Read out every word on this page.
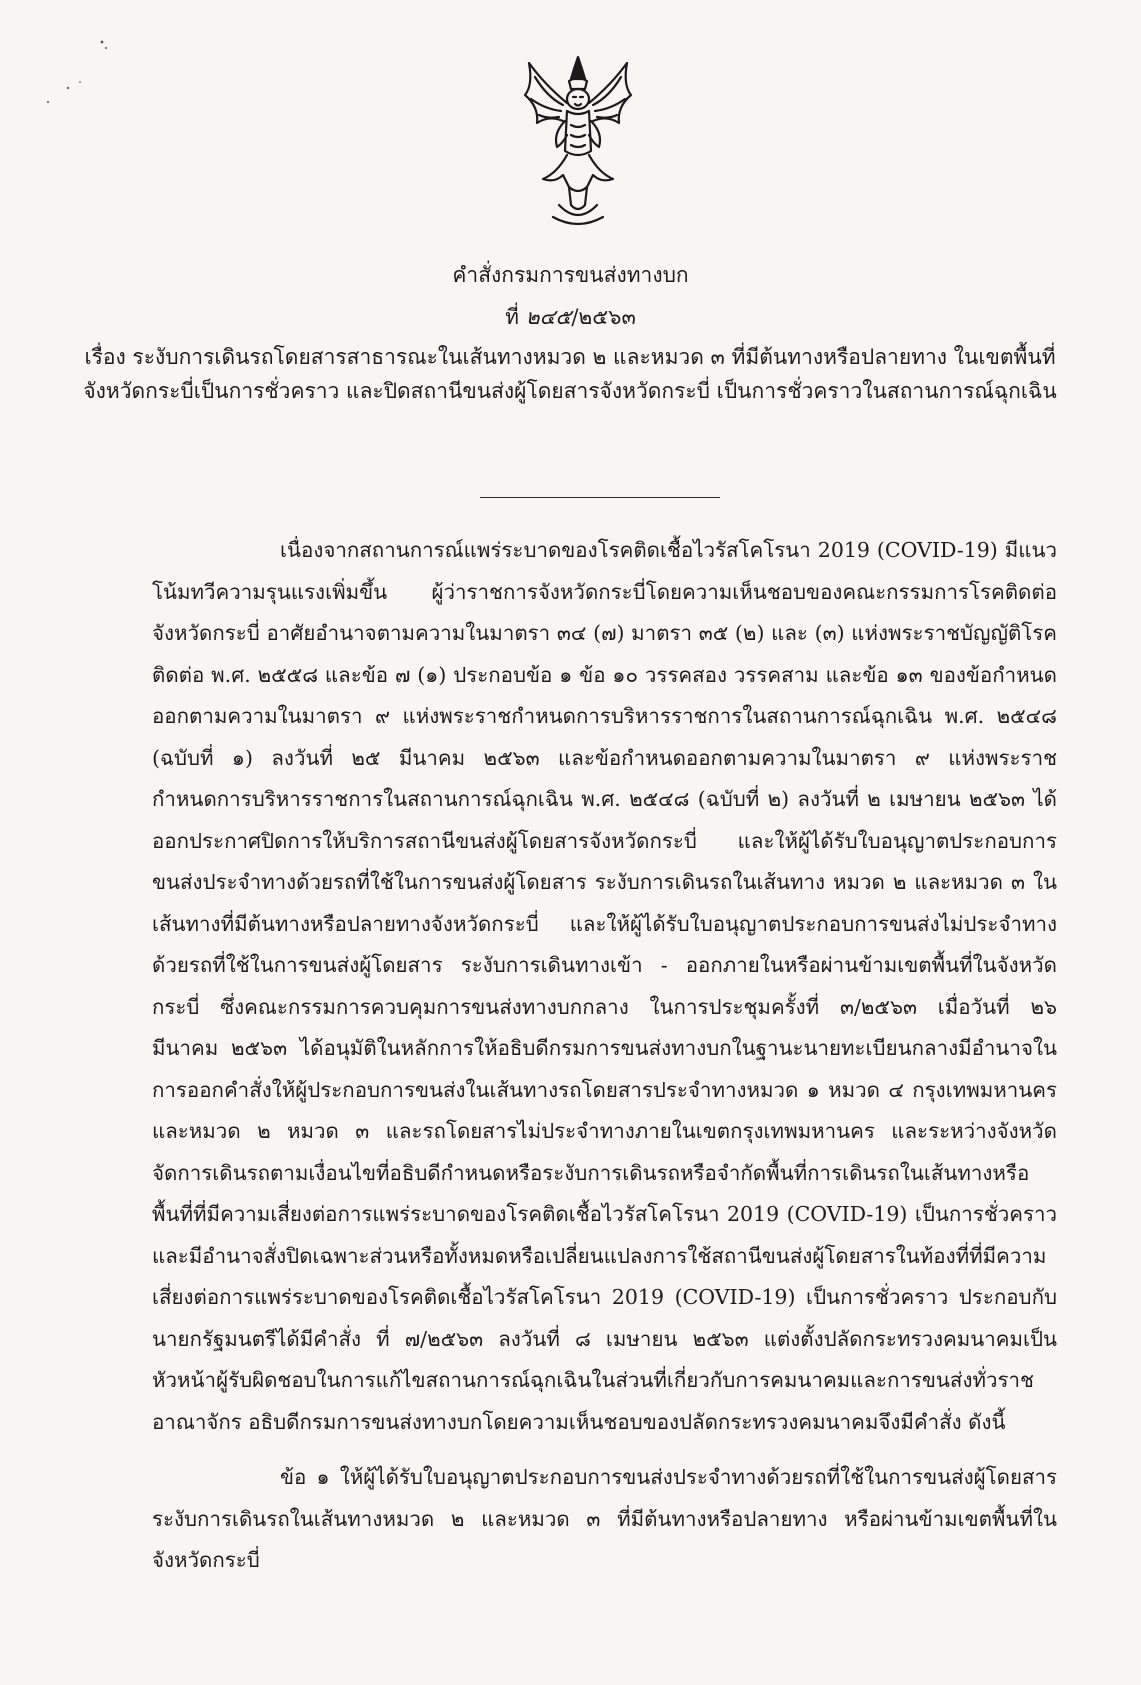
คำสั่งกรมการขนส่งทางบก
ที่ ๒๔๕/๒๕๖๓
เรื่อง ระงับการเดินรถโดยสารสาธารณะในเส้นทางหมวด ๒ และหมวด ๓ ที่มีต้นทางหรือปลายทาง ในเขตพื้นที่จังหวัดกระบี่เป็นการชั่วคราว และปิดสถานีขนส่งผู้โดยสารจังหวัดกระบี่ เป็นการชั่วคราวในสถานการณ์ฉุกเฉิน

เนื่องจากสถานการณ์แพร่ระบาดของโรคติดเชื้อไวรัสโคโรนา 2019 (COVID-19) มีแนวโน้มทวีความรุนแรงเพิ่มขึ้น ผู้ว่าราชการจังหวัดกระบี่โดยความเห็นชอบของคณะกรรมการโรคติดต่อจังหวัดกระบี่ อาศัยอำนาจตามความในมาตรา ๓๔ (๗) มาตรา ๓๕ (๒) และ (๓) แห่งพระราชบัญญัติโรคติดต่อ พ.ศ. ๒๕๕๘ และข้อ ๗ (๑) ประกอบข้อ ๑ ข้อ ๑๐ วรรคสอง วรรคสาม และข้อ ๑๓ ของข้อกำหนดออกตามความในมาตรา ๙ แห่งพระราชกำหนดการบริหารราชการในสถานการณ์ฉุกเฉิน พ.ศ. ๒๕๔๘ (ฉบับที่ ๑) ลงวันที่ ๒๕ มีนาคม ๒๕๖๓ และข้อกำหนดออกตามความในมาตรา ๙ แห่งพระราชกำหนดการบริหารราชการในสถานการณ์ฉุกเฉิน พ.ศ. ๒๕๔๘ (ฉบับที่ ๒) ลงวันที่ ๒ เมษายน ๒๕๖๓ ได้ออกประกาศปิดการให้บริการสถานีขนส่งผู้โดยสารจังหวัดกระบี่ และให้ผู้ได้รับใบอนุญาตประกอบการขนส่งประจำทางด้วยรถที่ใช้ในการขนส่งผู้โดยสาร ระงับการเดินรถในเส้นทาง หมวด ๒ และหมวด ๓ ในเส้นทางที่มีต้นทางหรือปลายทางจังหวัดกระบี่ และให้ผู้ได้รับใบอนุญาตประกอบการขนส่งไม่ประจำทางด้วยรถที่ใช้ในการขนส่งผู้โดยสาร ระงับการเดินทางเข้า - ออกภายในหรือผ่านข้ามเขตพื้นที่ในจังหวัดกระบี่ ซึ่งคณะกรรมการควบคุมการขนส่งทางบกกลาง ในการประชุมครั้งที่ ๓/๒๕๖๓ เมื่อวันที่ ๒๖ มีนาคม ๒๕๖๓ ได้อนุมัติในหลักการให้อธิบดีกรมการขนส่งทางบกในฐานะนายทะเบียนกลางมีอำนาจในการออกคำสั่งให้ผู้ประกอบการขนส่งในเส้นทางรถโดยสารประจำทางหมวด ๑ หมวด ๔ กรุงเทพมหานคร และหมวด ๒ หมวด ๓ และรถโดยสารไม่ประจำทางภายในเขตกรุงเทพมหานคร และระหว่างจังหวัด จัดการเดินรถตามเงื่อนไขที่อธิบดีกำหนดหรือระงับการเดินรถหรือจำกัดพื้นที่การเดินรถในเส้นทางหรือพื้นที่ที่มีความเสี่ยงต่อการแพร่ระบาดของโรคติดเชื้อไวรัสโคโรนา 2019 (COVID-19) เป็นการชั่วคราว และมีอำนาจสั่งปิดเฉพาะส่วนหรือทั้งหมดหรือเปลี่ยนแปลงการใช้สถานีขนส่งผู้โดยสารในท้องที่ที่มีความเสี่ยงต่อการแพร่ระบาดของโรคติดเชื้อไวรัสโคโรนา 2019 (COVID-19) เป็นการชั่วคราว ประกอบกับนายกรัฐมนตรีได้มีคำสั่ง ที่ ๗/๒๕๖๓ ลงวันที่ ๘ เมษายน ๒๕๖๓ แต่งตั้งปลัดกระทรวงคมนาคมเป็นหัวหน้าผู้รับผิดชอบในการแก้ไขสถานการณ์ฉุกเฉินในส่วนที่เกี่ยวกับการคมนาคมและการขนส่งทั่วราชอาณาจักร อธิบดีกรมการขนส่งทางบกโดยความเห็นชอบของปลัดกระทรวงคมนาคมจึงมีคำสั่ง ดังนี้

ข้อ ๑ ให้ผู้ได้รับใบอนุญาตประกอบการขนส่งประจำทางด้วยรถที่ใช้ในการขนส่งผู้โดยสาร ระงับการเดินรถในเส้นทางหมวด ๒ และหมวด ๓ ที่มีต้นทางหรือปลายทาง หรือผ่านข้ามเขตพื้นที่ในจังหวัดกระบี่
